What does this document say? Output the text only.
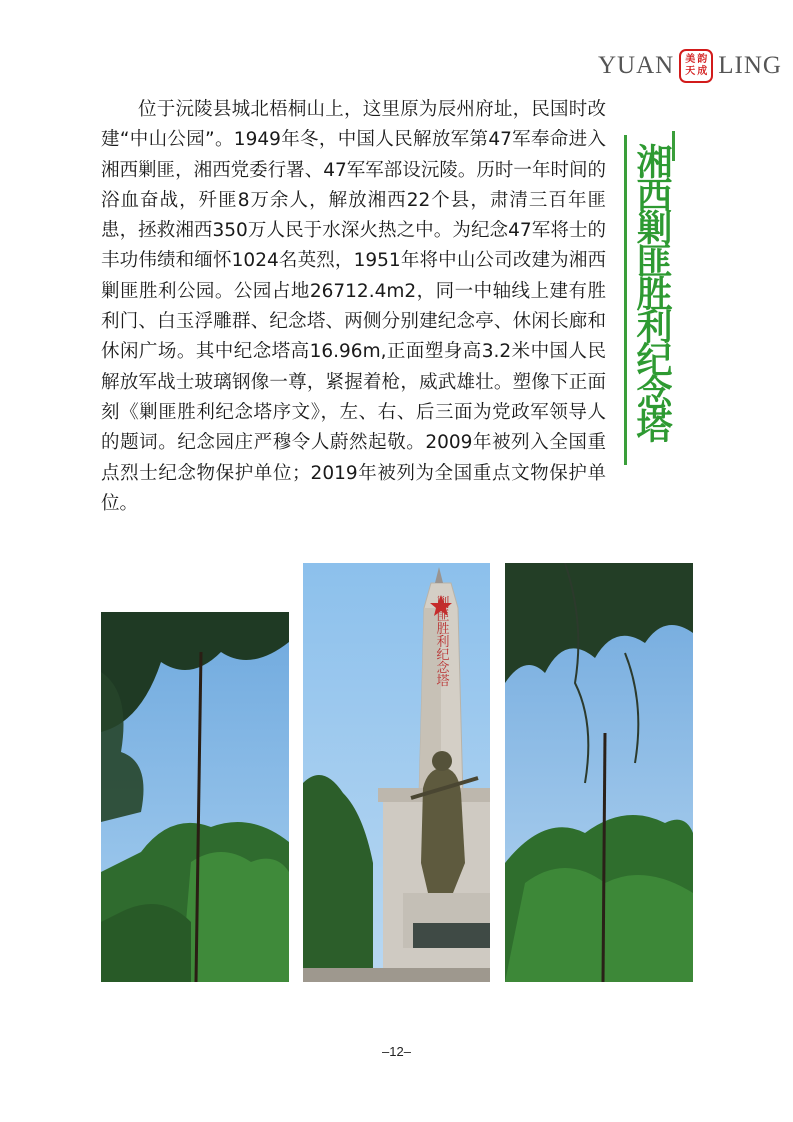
YUAN 韵
美
成
天 LING

位于沅陵县城北梧桐山上，这里原为辰州府址，民国时改建“中山公园”。1949年冬，中国人民解放军第47军奉命进入湘西剿匪，湘西党委行署、47军军部设沅陵。历时一年时间的浴血奋战，歼匪8万余人，解放湘西22个县，肃清三百年匪患，拯救湘西350万人民于水深火热之中。为纪念47军将士的丰功伟绩和缅怀1024名英烈，1951年将中山公司改建为湘西剿匪胜利公园。公园占地26712.4m2，同一中轴线上建有胜利门、白玉浮雕群、纪念塔、两侧分别建纪念亭、休闲长廊和休闲广场。其中纪念塔高16.96m,正面塑身高3.2米中国人民解放军战士玻璃钢像一尊，紧握着枪，威武雄壮。塑像下正面刻《剿匪胜利纪念塔序文》，左、右、后三面为党政军领导人的题词。纪念园庄严穆令人蔚然起敬。2009年被列入全国重点烈士纪念物保护单位；2019年被列为全国重点文物保护单位。

湘西剿匪胜利纪念塔
剿匪胜利纪念塔
–12–
